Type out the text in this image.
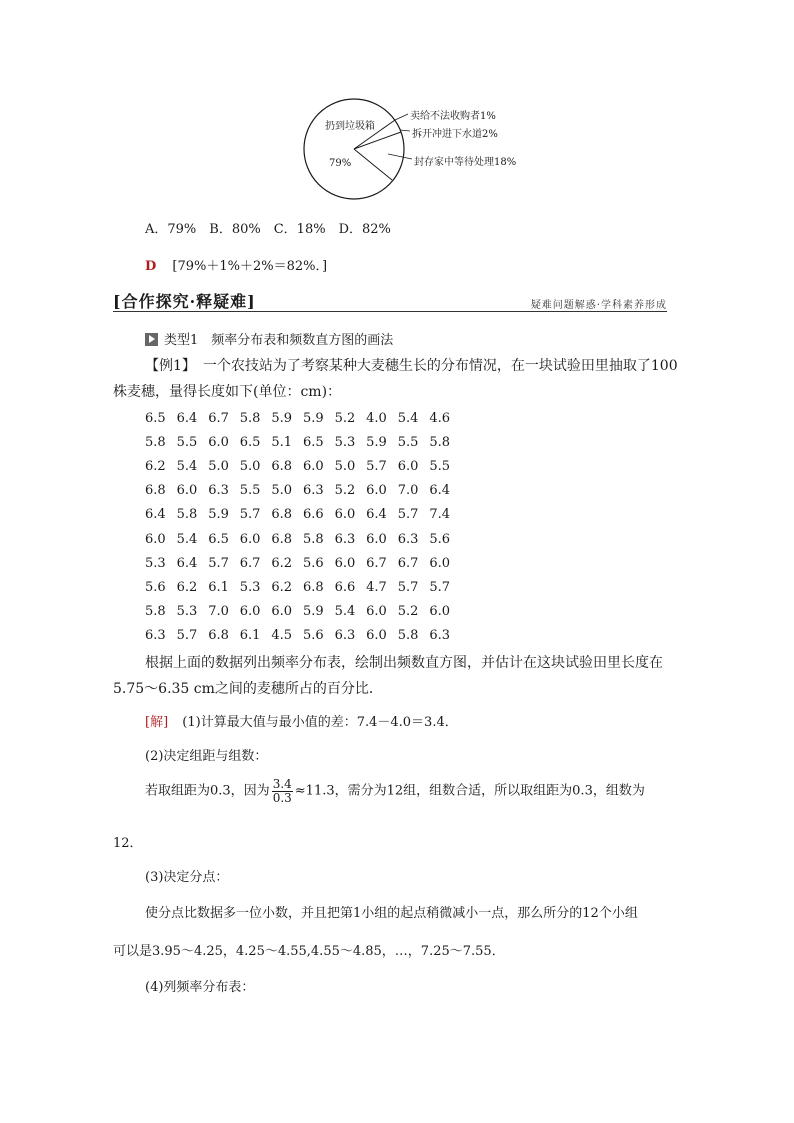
扔到垃圾箱
79%
卖给不法收购者1%
拆开冲进下水道2%
封存家中等待处理18%
A．79%　B．80%　C．18%　D．82%
D [79%＋1%＋2%＝82%．]
[合作探究·释疑难]	疑难问题解惑·学科素养形成
类型1　频率分布表和频数直方图的画法
【例1】　一个农技站为了考察某种大麦穗生长的分布情况，在一块试验田里抽取了100
株麦穗，量得长度如下(单位：cm)：
6.5	6.4	6.7	5.8	5.9	5.9	5.2	4.0	5.4	4.6
5.8	5.5	6.0	6.5	5.1	6.5	5.3	5.9	5.5	5.8
6.2	5.4	5.0	5.0	6.8	6.0	5.0	5.7	6.0	5.5
6.8	6.0	6.3	5.5	5.0	6.3	5.2	6.0	7.0	6.4
6.4	5.8	5.9	5.7	6.8	6.6	6.0	6.4	5.7	7.4
6.0	5.4	6.5	6.0	6.8	5.8	6.3	6.0	6.3	5.6
5.3	6.4	5.7	6.7	6.2	5.6	6.0	6.7	6.7	6.0
5.6	6.2	6.1	5.3	6.2	6.8	6.6	4.7	5.7	5.7
5.8	5.3	7.0	6.0	6.0	5.9	5.4	6.0	5.2	6.0
6.3	5.7	6.8	6.1	4.5	5.6	6.3	6.0	5.8	6.3
根据上面的数据列出频率分布表，绘制出频数直方图，并估计在这块试验田里长度在
5.75～6.35 cm之间的麦穗所占的百分比．
[解] (1)计算最大值与最小值的差：7.4－4.0＝3.4．
(2)决定组距与组数：
若取组距为0.3，因为 $\frac{3.4}{0.3} \approx 11.3$，需分为12组，组数合适，所以取组距为0.3，组数为
12．
(3)决定分点：
使分点比数据多一位小数，并且把第1小组的起点稍微减小一点，那么所分的12个小组
可以是3.95～4.25，4.25～4.55,4.55～4.85，…，7.25～7.55．
(4)列频率分布表：
